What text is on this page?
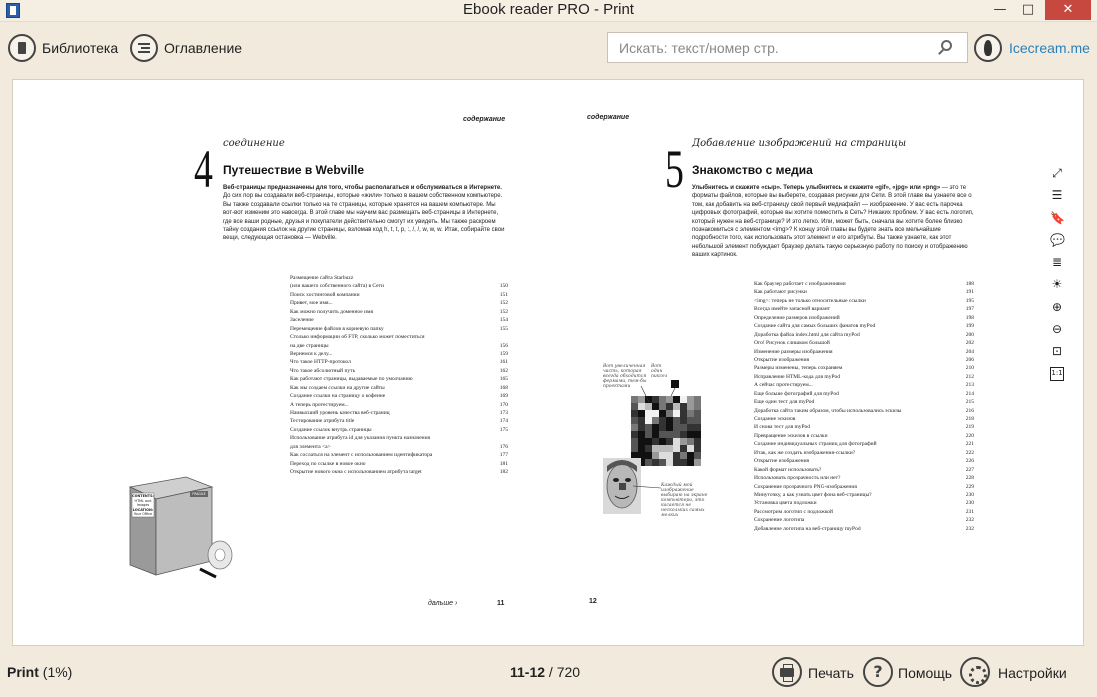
Ebook reader PRO - Print	—	□	✕
Библиотека	Оглавление
Искать: текст/номер стр.	Icecream.me
содержание
4 соединение
Путешествие в Webville
Веб-страницы предназначены для того, чтобы располагаться и обслуживаться в Интернете. До сих пор вы создавали веб-страницы, которые «жили» только в вашем собственном компьютере. Вы также создавали ссылки только на те страницы, которые хранятся на вашем компьютере. Мы вот-вот изменим это навсегда. В этой главе мы научим вас размещать веб-страницы в Интернете, где все ваши родные, друзья и покупатели действительно смогут их увидеть. Мы также раскроем тайну создания ссылок на другие страницы, взломав код h, t, t, p, :, /, /, w, w, w. Итак, собирайте свои вещи, следующая остановка — Webville.
Размещение сайта Starbuzz
(или вашего собственного сайта) в Сети	150
Поиск хостинговой компании	151
Привет, мое имя...	152
Как можно получить доменное имя	152
Заселение	154
Перемещение файлов в корневую папку	155
Столько информации об FTP, сколько может поместиться
на две страницы	156
Вернемся к делу...	159
Что такое HTTP-протокол	161
Что такое абсолютный путь	162
Как работают страницы, выдаваемые по умолчанию	165
Как мы создаем ссылки на другие сайты	168
Создание ссылки на страницу о кофеине	169
А теперь протестируем...	170
Наивысший уровень качества веб-страниц	173
Тестирование атрибута title	174
Создание ссылок внутрь страницы	175
Использование атрибута id для указания пункта назначения
для элемента <a>	176
Как сослаться на элемент с использованием идентификатора	177
Переход по ссылке в новое окно	181
Открытие нового окна с использованием атрибута target	182
CONTENTS:
HTML and Images
LOCATION:
Your Office
FRAGILE
дальше ›	11
содержание
5 Добавление изображений на страницы
Знакомство с медиа
Улыбнитесь и скажите «сыр». Теперь улыбнитесь и скажите «gif», «jpg» или «png» — это те форматы файлов, которые вы выберете, создавая рисунки для Сети. В этой главе вы узнаете все о том, как добавить на веб-страницу свой первый медиафайл — изображение. У вас есть парочка цифровых фотографий, которые вы хотите поместить в Сеть? Никаких проблем. У вас есть логотип, который нужен на веб-странице? И это легко. Или, может быть, сначала вы хотите более близко познакомиться с элементом <img>? К концу этой главы вы будете знать все мельчайшие подробности того, как использовать этот элемент и его атрибуты. Вы также узнаете, как этот небольшой элемент побуждает браузер делать такую серьезную работу по поиску и отображению ваших картинок.
Как браузер работает с изображениями	188
Как работают рисунки	191
<img>: теперь не только относительные ссылки	195
Всегда имейте запасной вариант	197
Определение размеров изображений	198
Создание сайта для самых больших фанатов myPod	199
Доработка файла index.html для сайта myPod	200
Ого! Рисунок слишком большой	202
Изменение размеры изображения	204
Открытие изображения	206
Размеры изменены, теперь сохраняем	210
Исправление HTML-кода для myPod	212
А сейчас протестируем...	213
Еще больше фотографий для myPod	214
Еще один тест для myPod	215
Доработка сайта таким образом, чтобы использовались эскизы	216
Создание эскизов	218
И снова тест для myPod	219
Превращение эскизов в ссылки	220
Создание индивидуальных страниц для фотографий	221
Итак, как же создать изображения-ссылки?	222
Открытие изображения	226
Какой формат использовать?	227
Использовать прозрачность или нет?	228
Сохранение прозрачного PNG-изображения	229
Минуточку, а как узнать цвет фона веб-страницы?	230
Установка цвета подложки	230
Рассмотрим логотип с подложкой	231
Сохранение логотипа	232
Добавление логотипа на веб-страницу myPod	232
Вот увеличенная часть, которая всегда обходится фермами, тем-бы проектами
Вот один пиксел
Каждый мой изображение выбираю на экране компьютера, это касается не нескольких самых мелких
12
⤢
☰
🔖
💬
≣
☀
⊕
⊖
⊡
1:1
Print (1%)	11-12 / 720	Печать	?	Помощь	Настройки
